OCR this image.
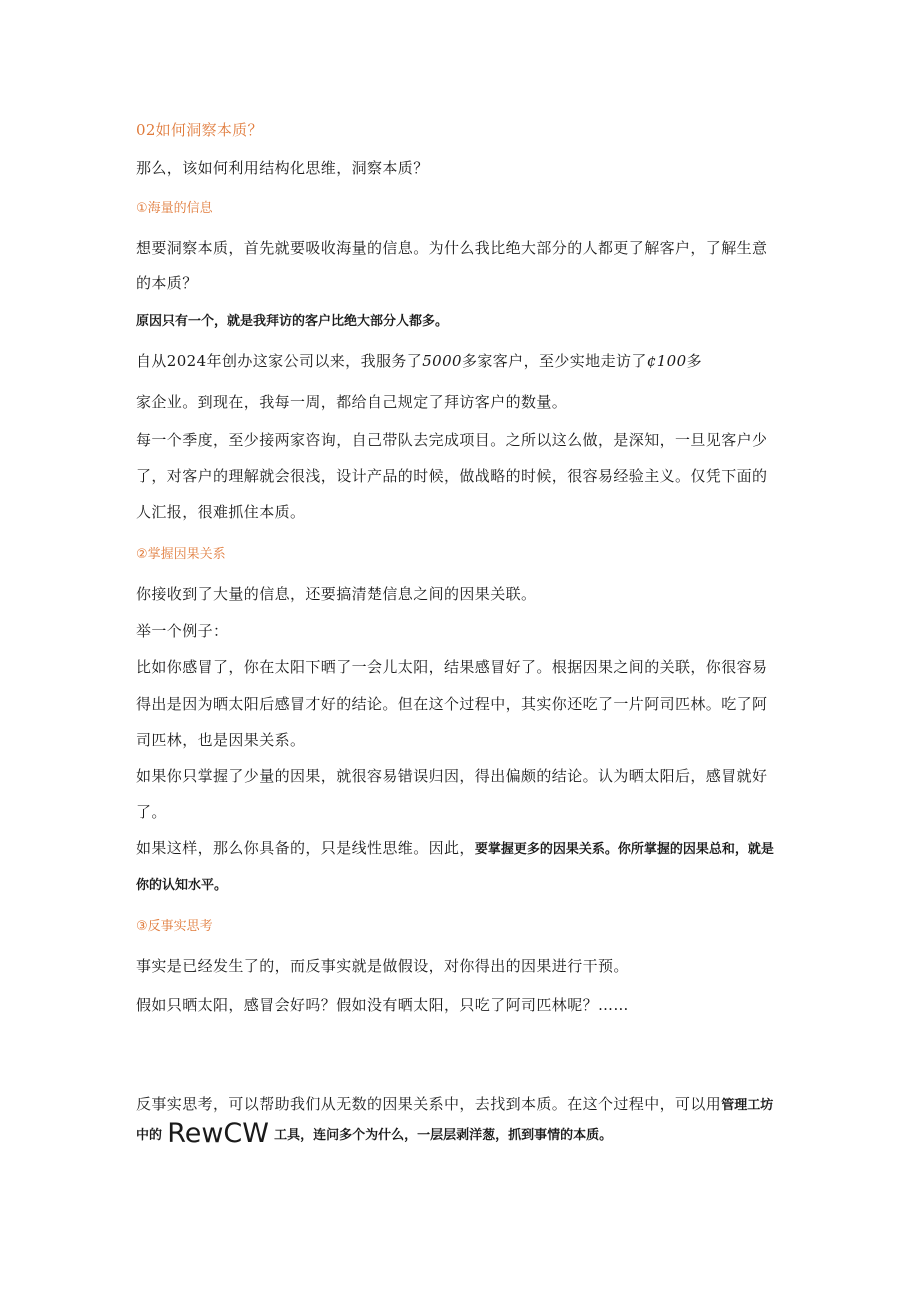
02如何洞察本质？
那么，该如何利用结构化思维，洞察本质？
①海量的信息
想要洞察本质，首先就要吸收海量的信息。为什么我比绝大部分的人都更了解客户，了解生意
的本质？
原因只有一个，就是我拜访的客户比绝大部分人都多。
自从2024年创办这家公司以来，我服务了5000多家客户，至少实地走访了¢100多
家企业。到现在，我每一周，都给自己规定了拜访客户的数量。
每一个季度，至少接两家咨询，自己带队去完成项目。之所以这么做，是深知，一旦见客户少
了，对客户的理解就会很浅，设计产品的时候，做战略的时候，很容易经验主义。仅凭下面的
人汇报，很难抓住本质。
②掌握因果关系
你接收到了大量的信息，还要搞清楚信息之间的因果关联。
举一个例子：
比如你感冒了，你在太阳下晒了一会儿太阳，结果感冒好了。根据因果之间的关联，你很容易
得出是因为晒太阳后感冒才好的结论。但在这个过程中，其实你还吃了一片阿司匹林。吃了阿
司匹林，也是因果关系。
如果你只掌握了少量的因果，就很容易错误归因，得出偏颇的结论。认为晒太阳后，感冒就好
了。
如果这样，那么你具备的，只是线性思维。因此，要掌握更多的因果关系。你所掌握的因果总和，就是
你的认知水平。
③反事实思考
事实是已经发生了的，而反事实就是做假设，对你得出的因果进行干预。
假如只晒太阳，感冒会好吗？假如没有晒太阳，只吃了阿司匹林呢？……
反事实思考，可以帮助我们从无数的因果关系中，去找到本质。在这个过程中，可以用管理工坊
中的 RewCW 工具，连问多个为什么，一层层剥洋葱，抓到事情的本质。
